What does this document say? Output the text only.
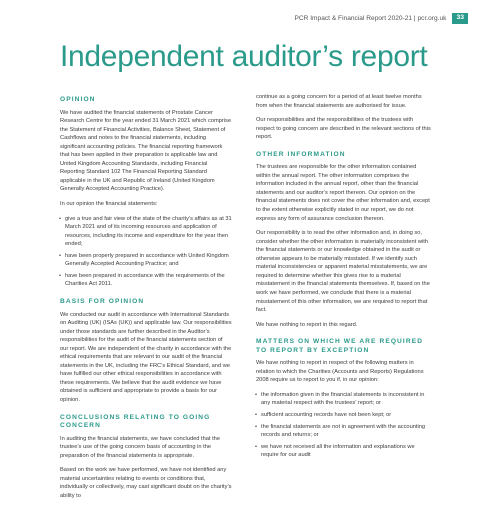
PCR Impact & Financial Report 2020-21 | pcr.org.uk	33
Independent auditor’s report
OPINION

We have audited the financial statements of Prostate Cancer Research Centre for the year ended 31 March 2021 which comprise the Statement of Financial Activities, Balance Sheet, Statement of Cashflows and notes to the financial statements, including significant accounting policies. The financial reporting framework that has been applied in their preparation is applicable law and United Kingdom Accounting Standards, including Financial Reporting Standard 102 The Financial Reporting Standard applicable in the UK and Republic of Ireland (United Kingdom Generally Accepted Accounting Practice).

In our opinion the financial statements:

• give a true and fair view of the state of the charity’s affairs as at 31 March 2021 and of its incoming resources and application of resources, including its income and expenditure for the year then ended;
• have been properly prepared in accordance with United Kingdom Generally Accepted Accounting Practice; and
• have been prepared in accordance with the requirements of the Charities Act 2011.
BASIS FOR OPINION

We conducted our audit in accordance with International Standards on Auditing (UK) (ISAs (UK)) and applicable law. Our responsibilities under those standards are further described in the Auditor’s responsibilities for the audit of the financial statements section of our report. We are independent of the charity in accordance with the ethical requirements that are relevant to our audit of the financial statements in the UK, including the FRC’s Ethical Standard, and we have fulfilled our other ethical responsibilities in accordance with these requirements. We believe that the audit evidence we have obtained is sufficient and appropriate to provide a basis for our opinion.

CONCLUSIONS RELATING TO GOING CONCERN

In auditing the financial statements, we have concluded that the trustee’s use of the going concern basis of accounting in the preparation of the financial statements is appropriate.

Based on the work we have performed, we have not identified any material uncertainties relating to events or conditions that, individually or collectively, may cast significant doubt on the charity’s ability to

continue as a going concern for a period of at least twelve months from when the financial statements are authorised for issue.

Our responsibilities and the responsibilities of the trustees with respect to going concern are described in the relevant sections of this report.

OTHER INFORMATION

The trustees are responsible for the other information contained within the annual report. The other information comprises the information included in the annual report, other than the financial statements and our auditor’s report thereon. Our opinion on the financial statements does not cover the other information and, except to the extent otherwise explicitly stated in our report, we do not express any form of assurance conclusion thereon.

Our responsibility is to read the other information and, in doing so, consider whether the other information is materially inconsistent with the financial statements or our knowledge obtained in the audit or otherwise appears to be materially misstated. If we identify such material inconsistencies or apparent material misstatements, we are required to determine whether this gives rise to a material misstatement in the financial statements themselves. If, based on the work we have performed, we conclude that there is a material misstatement of this other information, we are required to report that fact.

We have nothing to report in this regard.

MATTERS ON WHICH WE ARE REQUIRED TO REPORT BY EXCEPTION

We have nothing to report in respect of the following matters in relation to which the Charities (Accounts and Reports) Regulations 2008 require us to report to you if, in our opinion:

• the information given in the financial statements is inconsistent in any material respect with the trustees’ report; or
• sufficient accounting records have not been kept; or
• the financial statements are not in agreement with the accounting records and returns; or
• we have not received all the information and explanations we require for our audit
